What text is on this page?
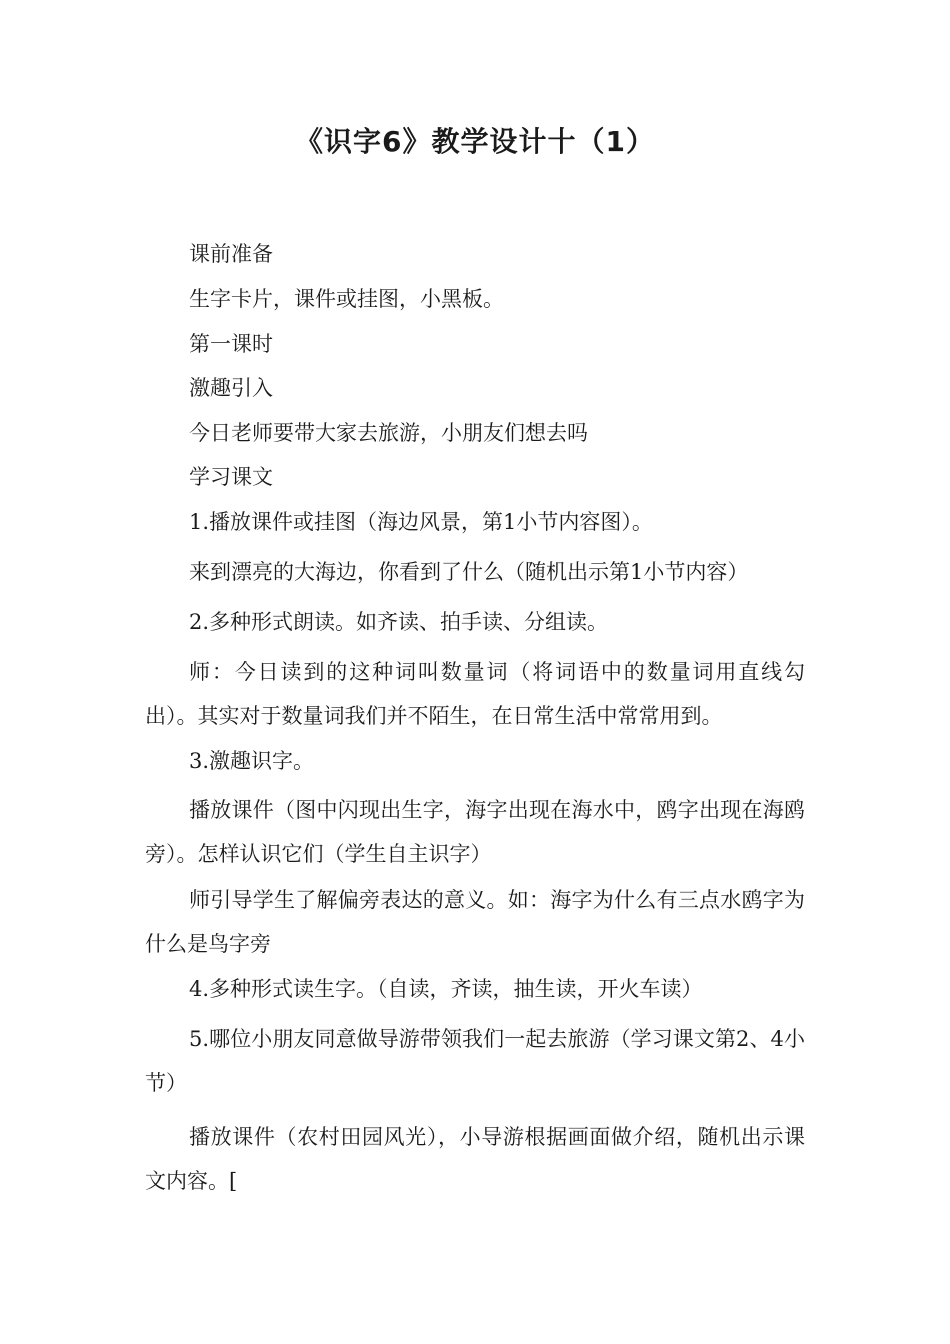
《识字6》教学设计十（1）

课前准备

生字卡片，课件或挂图，小黑板。

第一课时

激趣引入

今日老师要带大家去旅游，小朋友们想去吗

学习课文

1.播放课件或挂图（海边风景，第1小节内容图）。

来到漂亮的大海边，你看到了什么（随机出示第1小节内容）

2.多种形式朗读。如齐读、拍手读、分组读。

师：今日读到的这种词叫数量词（将词语中的数量词用直线勾出）。其实对于数量词我们并不陌生，在日常生活中常常用到。

3.激趣识字。

播放课件（图中闪现出生字，海字出现在海水中，鸥字出现在海鸥旁）。怎样认识它们（学生自主识字）

师引导学生了解偏旁表达的意义。如：海字为什么有三点水鸥字为什么是鸟字旁

4.多种形式读生字。（自读，齐读，抽生读，开火车读）

5.哪位小朋友同意做导游带领我们一起去旅游（学习课文第2、4小节）

播放课件（农村田园风光），小导游根据画面做介绍，随机出示课文内容。[
